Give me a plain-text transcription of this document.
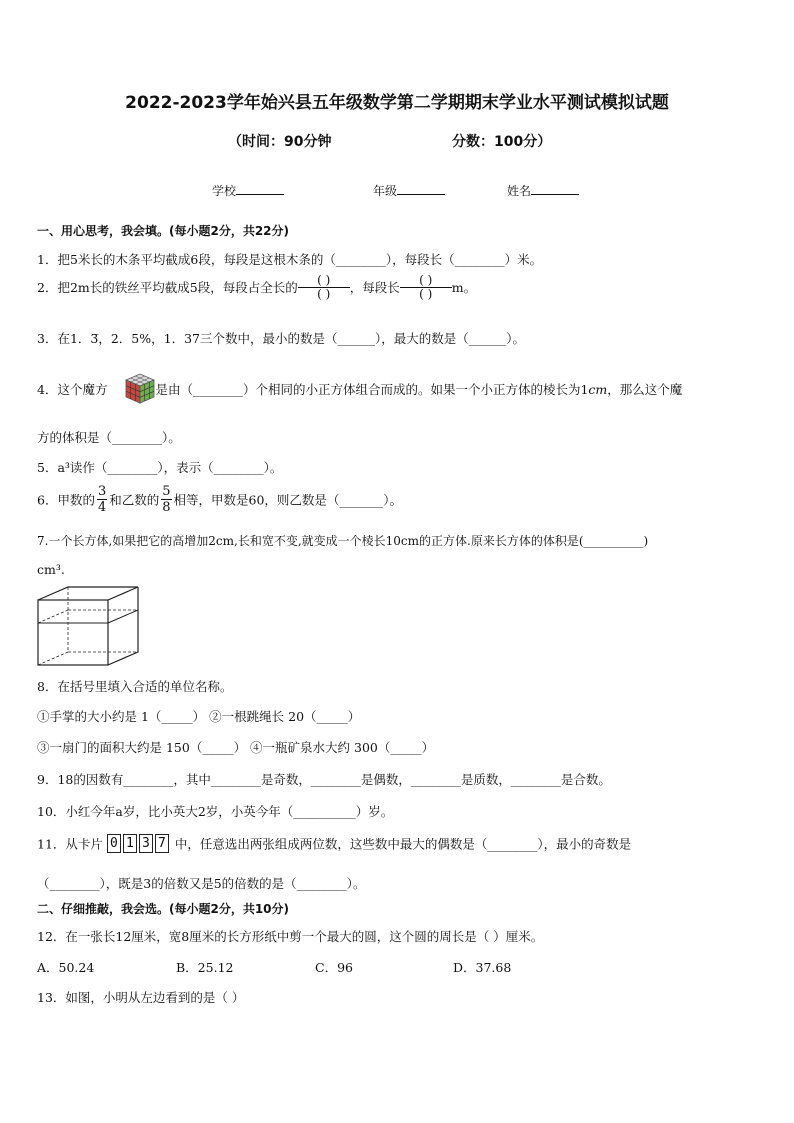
2022-2023学年始兴县五年级数学第二学期期末学业水平测试模拟试题
（时间：90分钟	分数：100分）
学校	年级	姓名
一、用心思考，我会填。(每小题2分，共22分)
1．把5米长的木条平均截成6段，每段是这根木条的（________），每段长（________）米。
2．把2m长的铁丝平均截成5段，每段占全长的 $\frac{( )}{( )}$，每段长 $\frac{( )}{( )}m$。
3．在1．3̅，2．5%，1．37三个数中，最小的数是（______），最大的数是（______）。
4．这个魔方	是由（________）个相同的小正方体组合而成的。如果一个小正方体的棱长为1cm，那么这个魔
方的体积是（________）。
5．a³读作（________），表示（________）。
6．甲数的 $\frac{3}{4}$ 和乙数的 $\frac{5}{8}$ 相等，甲数是60，则乙数是（_______）。
7.一个长方体,如果把它的高增加2cm,长和宽不变,就变成一个棱长10cm的正方体.原来长方体的体积是(__________)
cm³.
8．在括号里填入合适的单位名称。
①手掌的大小约是 1（_____） ②一根跳绳长 20（_____）
③一扇门的面积大约是 150（_____） ④一瓶矿泉水大约 300（_____）
9．18的因数有________，其中________是奇数，________是偶数，________是质数，________是合数。
10．小红今年a岁，比小英大2岁，小英今年（__________）岁。
11．从卡片 0 1 3 7 中，任意选出两张组成两位数，这些数中最大的偶数是（________），最小的奇数是
（________），既是3的倍数又是5的倍数的是（________）。
二、仔细推敲，我会选。(每小题2分，共10分)
12．在一张长12厘米，宽8厘米的长方形纸中剪一个最大的圆，这个圆的周长是（ ）厘米。
A．50.24	B．25.12	C．96	D．37.68
13．如图，小明从左边看到的是（ ）
